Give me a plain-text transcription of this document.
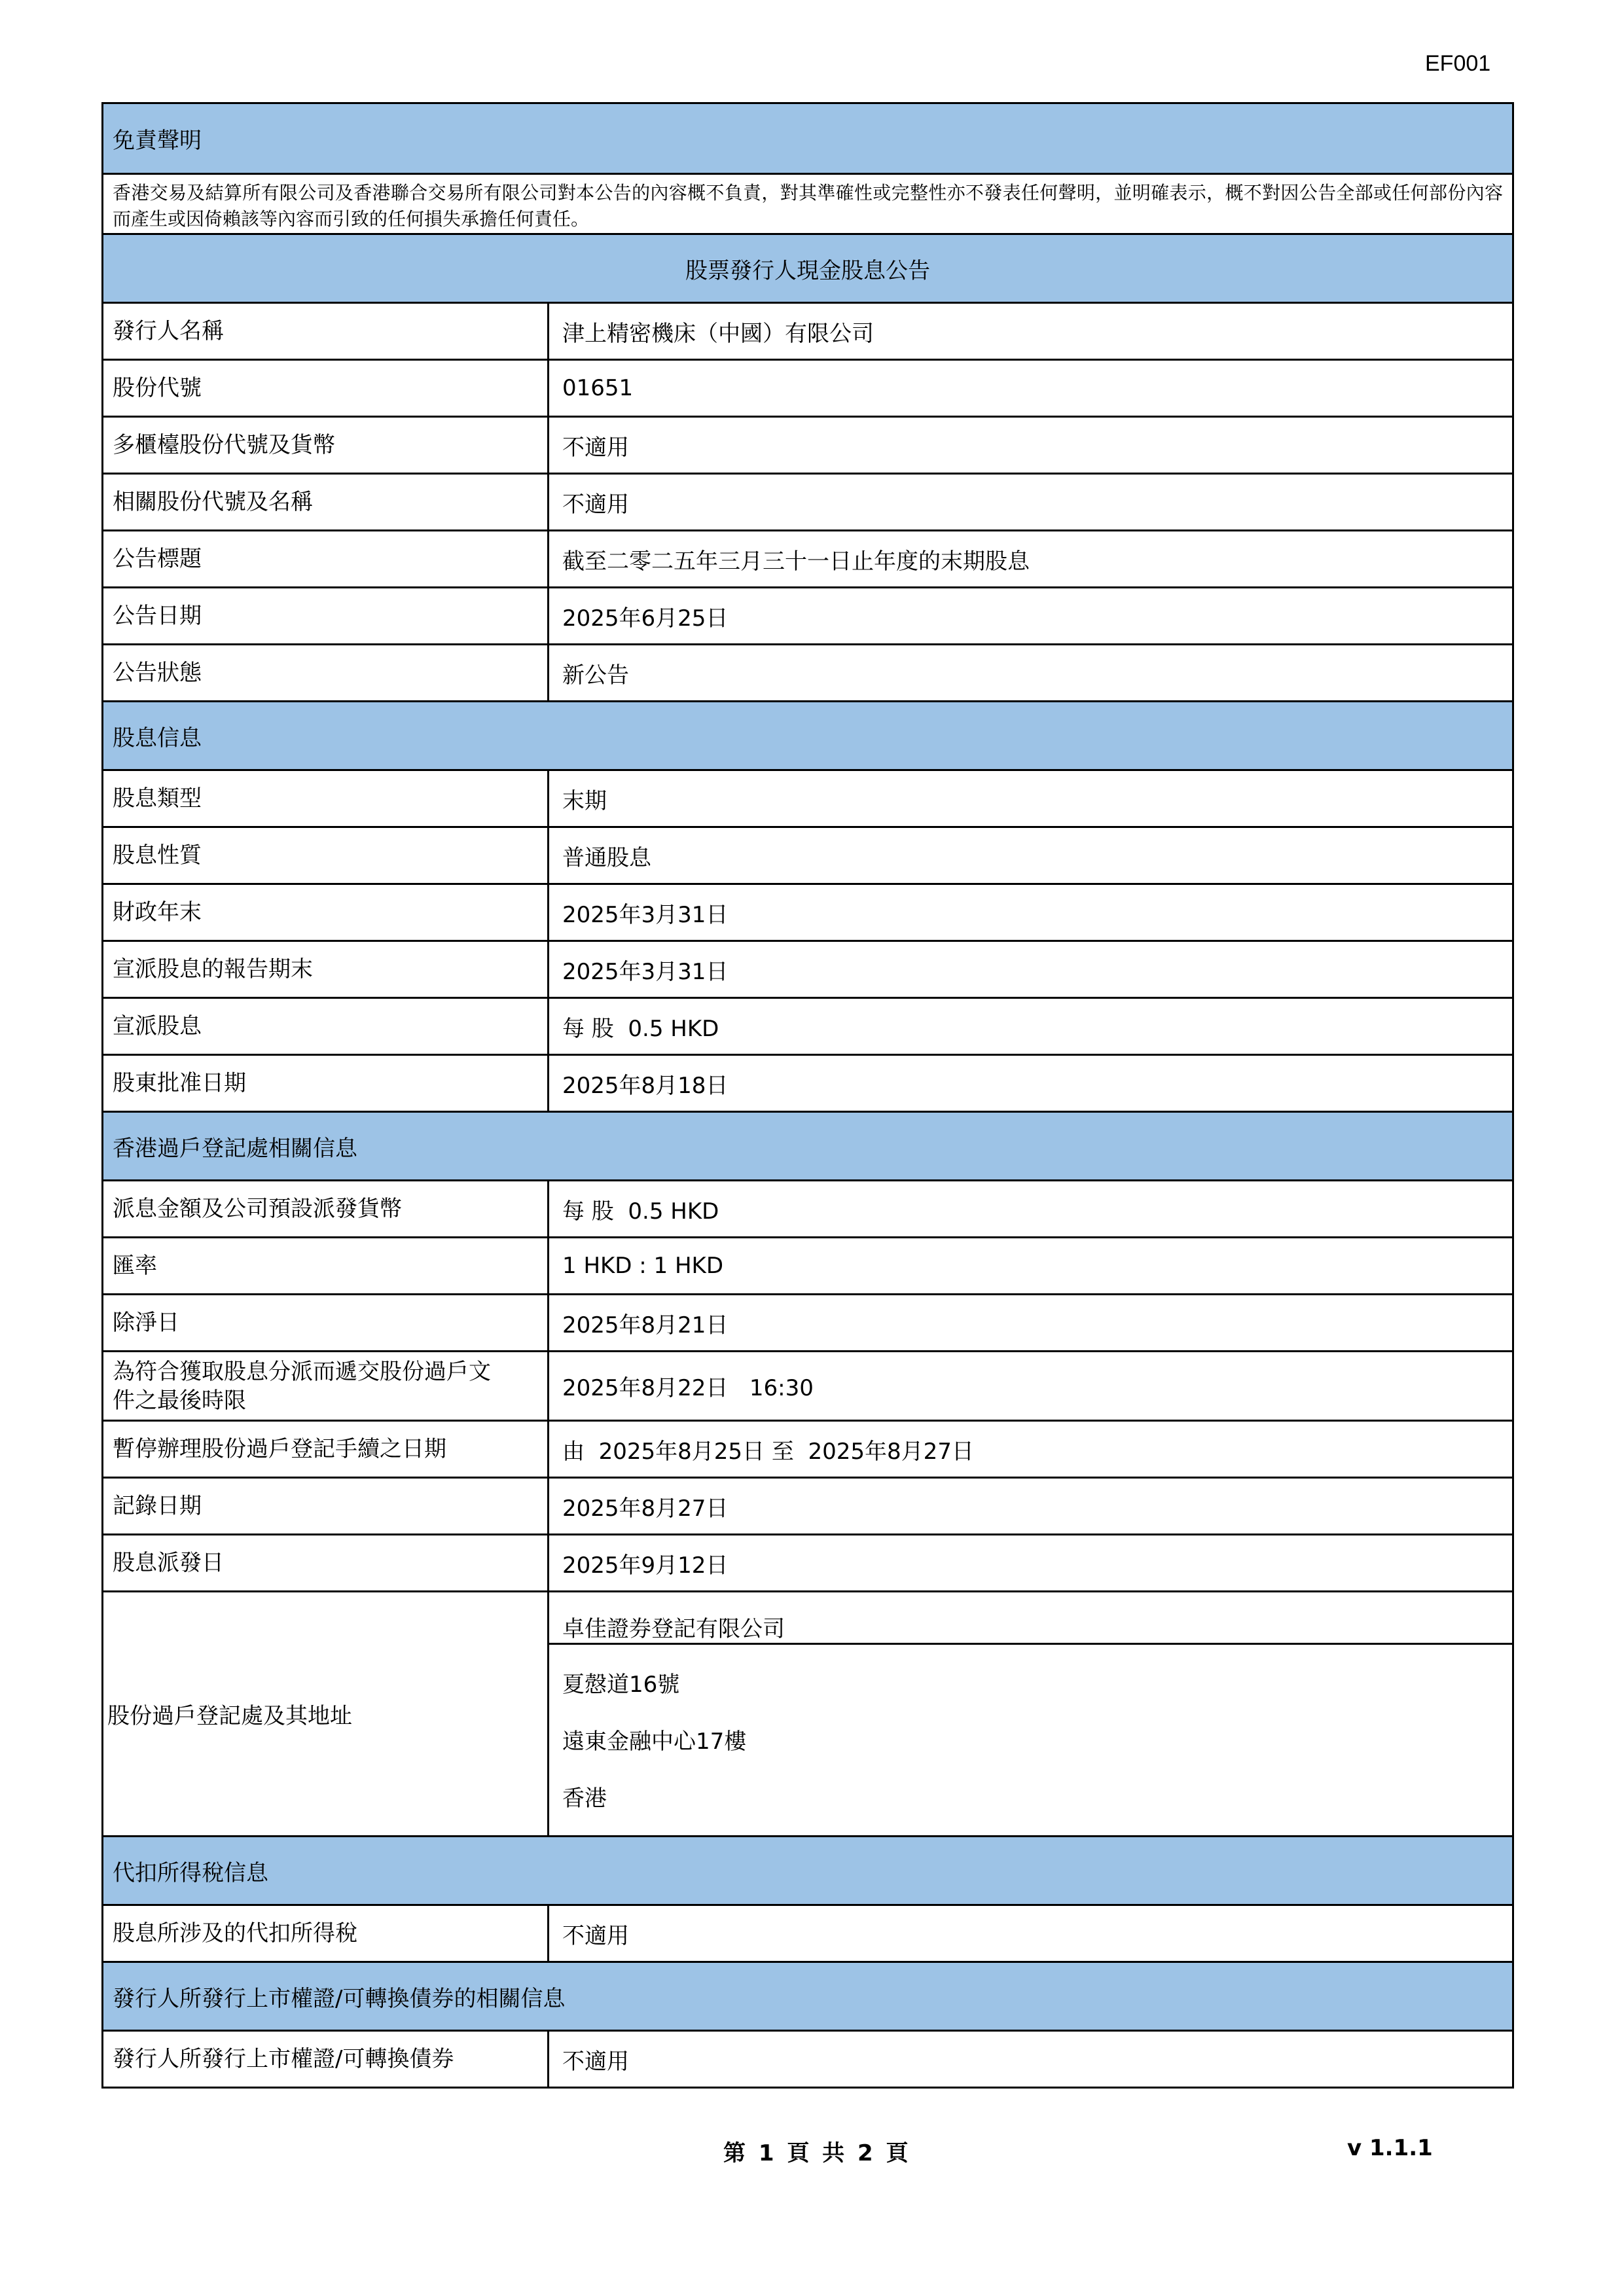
EF001
免責聲明
香港交易及結算所有限公司及香港聯合交易所有限公司對本公告的內容概不負責，對其準確性或完整性亦不發表任何聲明，並明確表示，概不對因公告全部或任何部份內容而產生或因倚賴該等內容而引致的任何損失承擔任何責任。
股票發行人現金股息公告
發行人名稱	津上精密機床（中國）有限公司
股份代號	01651
多櫃檯股份代號及貨幣	不適用
相關股份代號及名稱	不適用
公告標題	截至二零二五年三月三十一日止年度的末期股息
公告日期	2025年6月25日
公告狀態	新公告
股息信息
股息類型	末期
股息性質	普通股息
財政年末	2025年3月31日
宣派股息的報告期末	2025年3月31日
宣派股息	每 股  0.5 HKD
股東批准日期	2025年8月18日
香港過戶登記處相關信息
派息金額及公司預設派發貨幣	每 股  0.5 HKD
匯率	1 HKD : 1 HKD
除淨日	2025年8月21日
為符合獲取股息分派而遞交股份過戶文件之最後時限	2025年8月22日   16:30
暫停辦理股份過戶登記手續之日期	由  2025年8月25日 至  2025年8月27日
記錄日期	2025年8月27日
股息派發日	2025年9月12日
股份過戶登記處及其地址
卓佳證券登記有限公司
夏慤道16號
遠東金融中心17樓
香港
代扣所得稅信息
股息所涉及的代扣所得稅	不適用
發行人所發行上市權證/可轉換債券的相關信息
發行人所發行上市權證/可轉換債券	不適用
第 1 頁 共 2 頁	v 1.1.1
